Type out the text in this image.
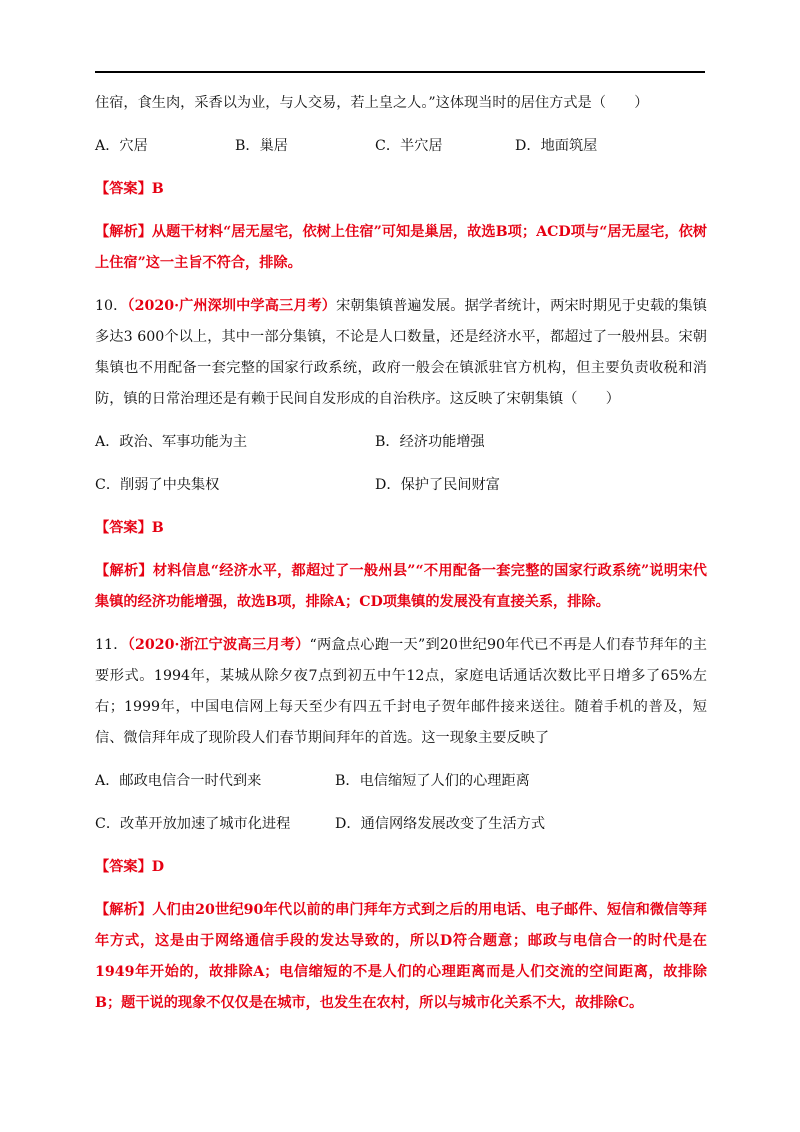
住宿，食生肉，采香以为业，与人交易，若上皇之人。”这体现当时的居住方式是（　　）

A．穴居	B．巢居	C．半穴居	D．地面筑屋

【答案】B

【解析】从题干材料“居无屋宅，依树上住宿”可知是巢居，故选B项；ACD项与“居无屋宅，依树上住宿”这一主旨不符合，排除。

10．（2020·广州深圳中学高三月考）宋朝集镇普遍发展。据学者统计，两宋时期见于史载的集镇多达3 600个以上，其中一部分集镇，不论是人口数量，还是经济水平，都超过了一般州县。宋朝集镇也不用配备一套完整的国家行政系统，政府一般会在镇派驻官方机构，但主要负责收税和消防，镇的日常治理还是有赖于民间自发形成的自治秩序。这反映了宋朝集镇（　　）

A．政治、军事功能为主	B．经济功能增强
C．削弱了中央集权	D．保护了民间财富

【答案】B

【解析】材料信息“经济水平，都超过了一般州县”“不用配备一套完整的国家行政系统”说明宋代集镇的经济功能增强，故选B项，排除A；CD项集镇的发展没有直接关系，排除。

11．（2020·浙江宁波高三月考）“两盒点心跑一天”到20世纪90年代已不再是人们春节拜年的主要形式。1994年，某城从除夕夜7点到初五中午12点，家庭电话通话次数比平日增多了65%左右；1999年，中国电信网上每天至少有四五千封电子贺年邮件接来送往。随着手机的普及，短信、微信拜年成了现阶段人们春节期间拜年的首选。这一现象主要反映了

A．邮政电信合一时代到来	B．电信缩短了人们的心理距离
C．改革开放加速了城市化进程	D．通信网络发展改变了生活方式

【答案】D

【解析】人们由20世纪90年代以前的串门拜年方式到之后的用电话、电子邮件、短信和微信等拜年方式，这是由于网络通信手段的发达导致的，所以D符合题意；邮政与电信合一的时代是在1949年开始的，故排除A；电信缩短的不是人们的心理距离而是人们交流的空间距离，故排除B；题干说的现象不仅仅是在城市，也发生在农村，所以与城市化关系不大，故排除C。
